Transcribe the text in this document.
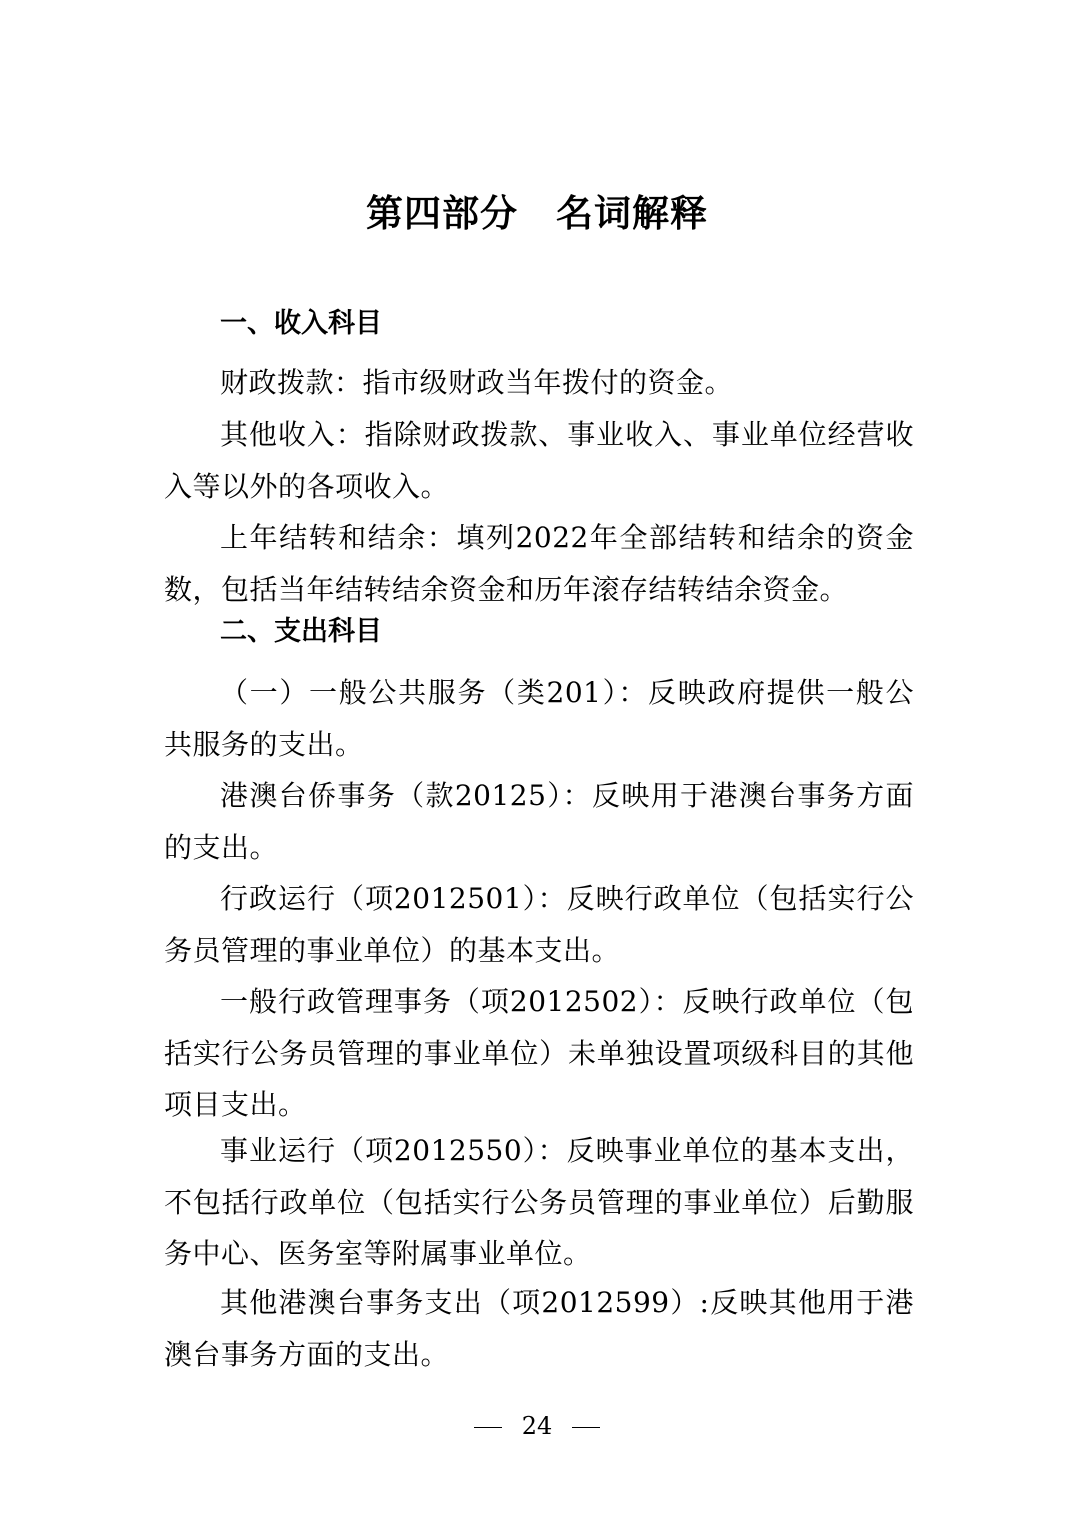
第四部分　名词解释
一、收入科目
财政拨款：指市级财政当年拨付的资金。
其他收入：指除财政拨款、事业收入、事业单位经营收入等以外的各项收入。
上年结转和结余：填列2022年全部结转和结余的资金数，包括当年结转结余资金和历年滚存结转结余资金。
二、支出科目
（一）一般公共服务（类201）：反映政府提供一般公共服务的支出。
港澳台侨事务（款20125）：反映用于港澳台事务方面的支出。
行政运行（项2012501）：反映行政单位（包括实行公务员管理的事业单位）的基本支出。
一般行政管理事务（项2012502）：反映行政单位（包括实行公务员管理的事业单位）未单独设置项级科目的其他项目支出。
事业运行（项2012550）：反映事业单位的基本支出，不包括行政单位（包括实行公务员管理的事业单位）后勤服务中心、医务室等附属事业单位。
其他港澳台事务支出（项2012599）:反映其他用于港澳台事务方面的支出。
24
